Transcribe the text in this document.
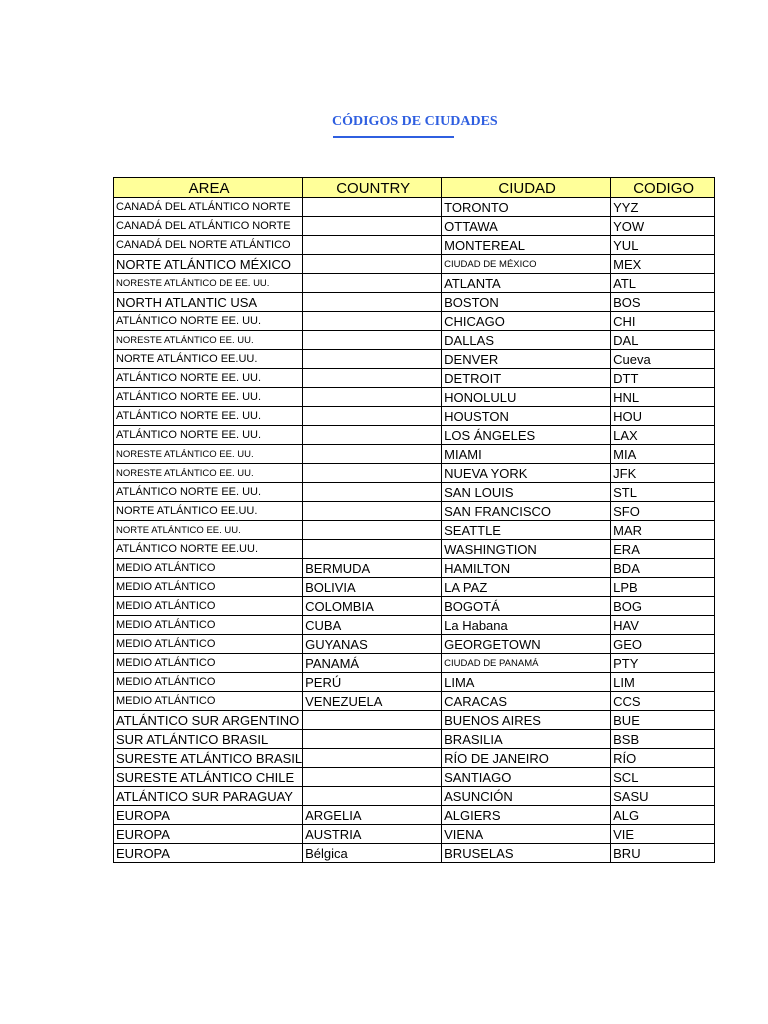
CÓDIGOS DE CIUDADES
AREA	COUNTRY	CIUDAD	CODIGO
CANADÁ DEL ATLÁNTICO NORTE		TORONTO	YYZ
CANADÁ DEL ATLÁNTICO NORTE		OTTAWA	YOW
CANADÁ DEL NORTE ATLÁNTICO		MONTEREAL	YUL
NORTE ATLÁNTICO MÉXICO		CIUDAD DE MÉXICO	MEX
NORESTE ATLÁNTICO DE EE. UU.		ATLANTA	ATL
NORTH ATLANTIC USA		BOSTON	BOS
ATLÁNTICO NORTE EE. UU.		CHICAGO	CHI
NORESTE ATLÁNTICO EE. UU.		DALLAS	DAL
NORTE ATLÁNTICO EE.UU.		DENVER	Cueva
ATLÁNTICO NORTE EE. UU.		DETROIT	DTT
ATLÁNTICO NORTE EE. UU.		HONOLULU	HNL
ATLÁNTICO NORTE EE. UU.		HOUSTON	HOU
ATLÁNTICO NORTE EE. UU.		LOS ÁNGELES	LAX
NORESTE ATLÁNTICO EE. UU.		MIAMI	MIA
NORESTE ATLÁNTICO EE. UU.		NUEVA YORK	JFK
ATLÁNTICO NORTE EE. UU.		SAN LOUIS	STL
NORTE ATLÁNTICO EE.UU.		SAN FRANCISCO	SFO
NORTE ATLÁNTICO EE. UU.		SEATTLE	MAR
ATLÁNTICO NORTE EE.UU.		WASHINGTION	ERA
MEDIO ATLÁNTICO	BERMUDA	HAMILTON	BDA
MEDIO ATLÁNTICO	BOLIVIA	LA PAZ	LPB
MEDIO ATLÁNTICO	COLOMBIA	BOGOTÁ	BOG
MEDIO ATLÁNTICO	CUBA	La Habana	HAV
MEDIO ATLÁNTICO	GUYANAS	GEORGETOWN	GEO
MEDIO ATLÁNTICO	PANAMÁ	CIUDAD DE PANAMÁ	PTY
MEDIO ATLÁNTICO	PERÚ	LIMA	LIM
MEDIO ATLÁNTICO	VENEZUELA	CARACAS	CCS
ATLÁNTICO SUR ARGENTINO		BUENOS AIRES	BUE
SUR ATLÁNTICO BRASIL		BRASILIA	BSB
SURESTE ATLÁNTICO BRASIL		RÍO DE JANEIRO	RÍO
SURESTE ATLÁNTICO CHILE		SANTIAGO	SCL
ATLÁNTICO SUR PARAGUAY		ASUNCIÓN	SASU
EUROPA	ARGELIA	ALGIERS	ALG
EUROPA	AUSTRIA	VIENA	VIE
EUROPA	Bélgica	BRUSELAS	BRU
